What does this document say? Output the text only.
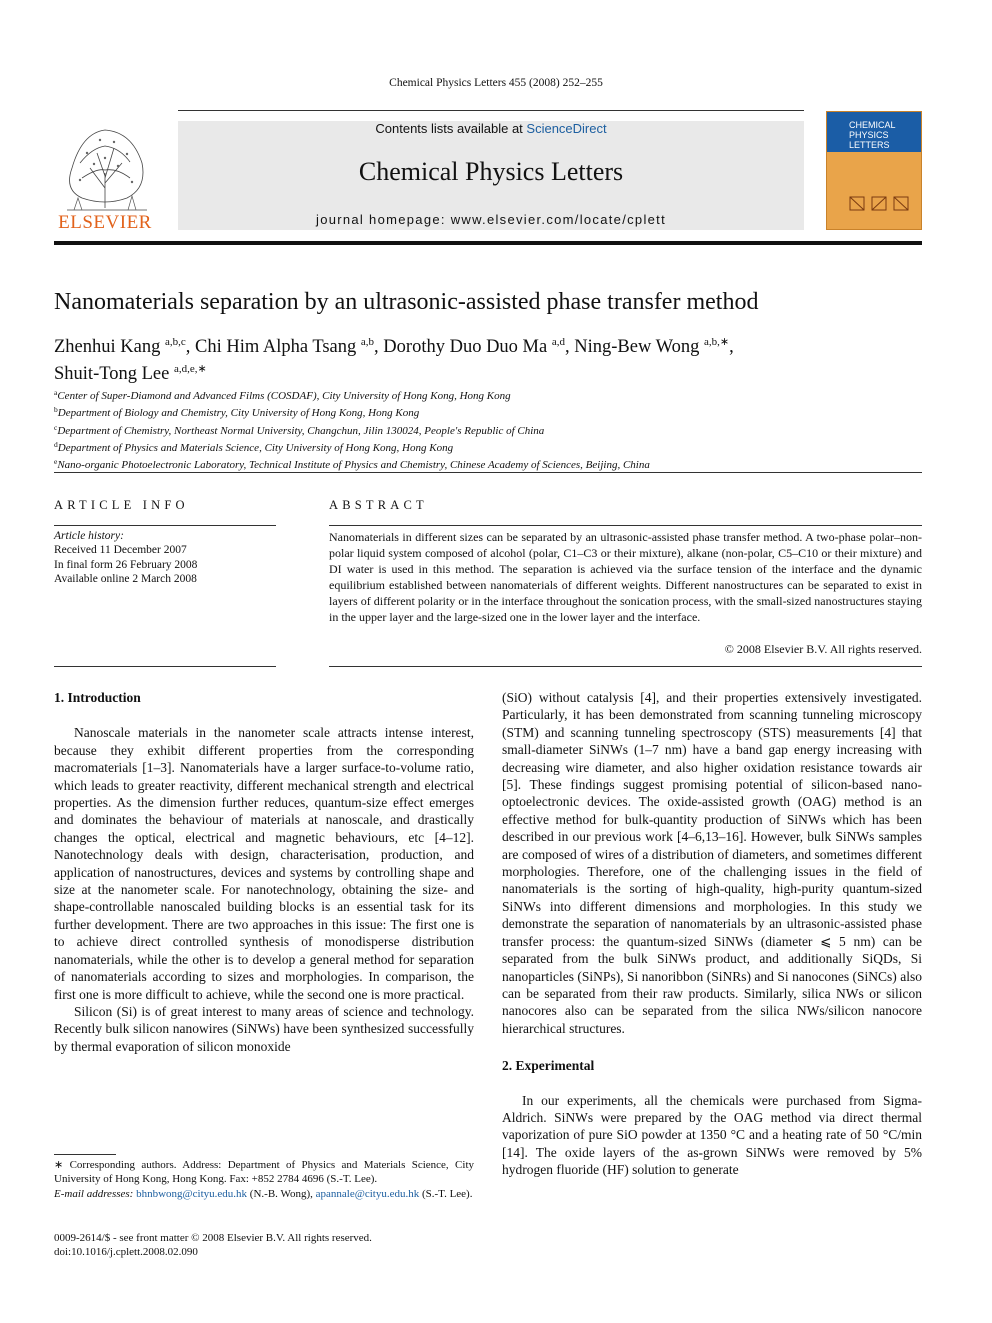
Chemical Physics Letters 455 (2008) 252–255
ELSEVIER
Contents lists available at ScienceDirect
Chemical Physics Letters
journal homepage: www.elsevier.com/locate/cplett
CHEMICAL PHYSICS LETTERS
Nanomaterials separation by an ultrasonic-assisted phase transfer method
Zhenhui Kang $^{a,b,c}$, Chi Him Alpha Tsang $^{a,b}$, Dorothy Duo Duo Ma $^{a,d}$, Ning-Bew Wong $^{a,b,∗}$,
Shuit-Tong Lee $^{a,d,e,∗}$
$^a$Center of Super-Diamond and Advanced Films (COSDAF), City University of Hong Kong, Hong Kong
$^b$Department of Biology and Chemistry, City University of Hong Kong, Hong Kong
$^c$Department of Chemistry, Northeast Normal University, Changchun, Jilin 130024, People's Republic of China
$^d$Department of Physics and Materials Science, City University of Hong Kong, Hong Kong
$^e$Nano-organic Photoelectronic Laboratory, Technical Institute of Physics and Chemistry, Chinese Academy of Sciences, Beijing, China
ARTICLE INFO	ABSTRACT
Article history:
Received 11 December 2007
In final form 26 February 2008
Available online 2 March 2008
Nanomaterials in different sizes can be separated by an ultrasonic-assisted phase transfer method. A two-phase polar–non-polar liquid system composed of alcohol (polar, C1–C3 or their mixture), alkane (non-polar, C5–C10 or their mixture) and DI water is used in this method. The separation is achieved via the surface tension of the interface and the dynamic equilibrium established between nanomaterials of different weights. Different nanostructures can be separated to exist in layers of different polarity or in the interface throughout the sonication process, with the small-sized nanostructures staying in the upper layer and the large-sized one in the lower layer and the interface.
© 2008 Elsevier B.V. All rights reserved.
1. Introduction

Nanoscale materials in the nanometer scale attracts intense interest, because they exhibit different properties from the corresponding macromaterials [1–3]. Nanomaterials have a larger surface-to-volume ratio, which leads to greater reactivity, different mechanical strength and electrical properties. As the dimension further reduces, quantum-size effect emerges and dominates the behaviour of materials at nanoscale, and drastically changes the optical, electrical and magnetic behaviours, etc [4–12]. Nanotechnology deals with design, characterisation, production, and application of nanostructures, devices and systems by controlling shape and size at the nanometer scale. For nanotechnology, obtaining the size- and shape-controllable nanoscaled building blocks is an essential task for its further development. There are two approaches in this issue: The first one is to achieve direct controlled synthesis of monodisperse distribution nanomaterials, while the other is to develop a general method for separation of nanomaterials according to sizes and morphologies. In comparison, the first one is more difficult to achieve, while the second one is more practical.

Silicon (Si) is of great interest to many areas of science and technology. Recently bulk silicon nanowires (SiNWs) have been synthesized successfully by thermal evaporation of silicon monoxide

(SiO) without catalysis [4], and their properties extensively investigated. Particularly, it has been demonstrated from scanning tunneling microscopy (STM) and scanning tunneling spectroscopy (STS) measurements [4] that small-diameter SiNWs (1–7 nm) have a band gap energy increasing with decreasing wire diameter, and also higher oxidation resistance towards air [5]. These findings suggest promising potential of silicon-based nano-optoelectronic devices. The oxide-assisted growth (OAG) method is an effective method for bulk-quantity production of SiNWs which has been described in our previous work [4–6,13–16]. However, bulk SiNWs samples are composed of wires of a distribution of diameters, and sometimes different morphologies. Therefore, one of the challenging issues in the field of nanomaterials is the sorting of high-quality, high-purity quantum-sized SiNWs into different dimensions and morphologies. In this study we demonstrate the separation of nanomaterials by an ultrasonic-assisted phase transfer process: the quantum-sized SiNWs (diameter ⩽ 5 nm) can be separated from the bulk SiNWs product, and additionally SiQDs, Si nanoparticles (SiNPs), Si nanoribbon (SiNRs) and Si nanocones (SiNCs) also can be separated from their raw products. Similarly, silica NWs or silicon nanocores also can be separated from the silica NWs/silicon nanocore hierarchical structures.

2. Experimental

In our experiments, all the chemicals were purchased from Sigma-Aldrich. SiNWs were prepared by the OAG method via direct thermal vaporization of pure SiO powder at 1350 °C and a heating rate of 50 °C/min [14]. The oxide layers of the as-grown SiNWs were removed by 5% hydrogen fluoride (HF) solution to generate

∗ Corresponding authors. Address: Department of Physics and Materials Science, City University of Hong Kong, Hong Kong. Fax: +852 2784 4696 (S.-T. Lee).
E-mail addresses: bhnbwong@cityu.edu.hk (N.-B. Wong), apannale@cityu.edu.hk (S.-T. Lee).
0009-2614/$ - see front matter © 2008 Elsevier B.V. All rights reserved.
doi:10.1016/j.cplett.2008.02.090
